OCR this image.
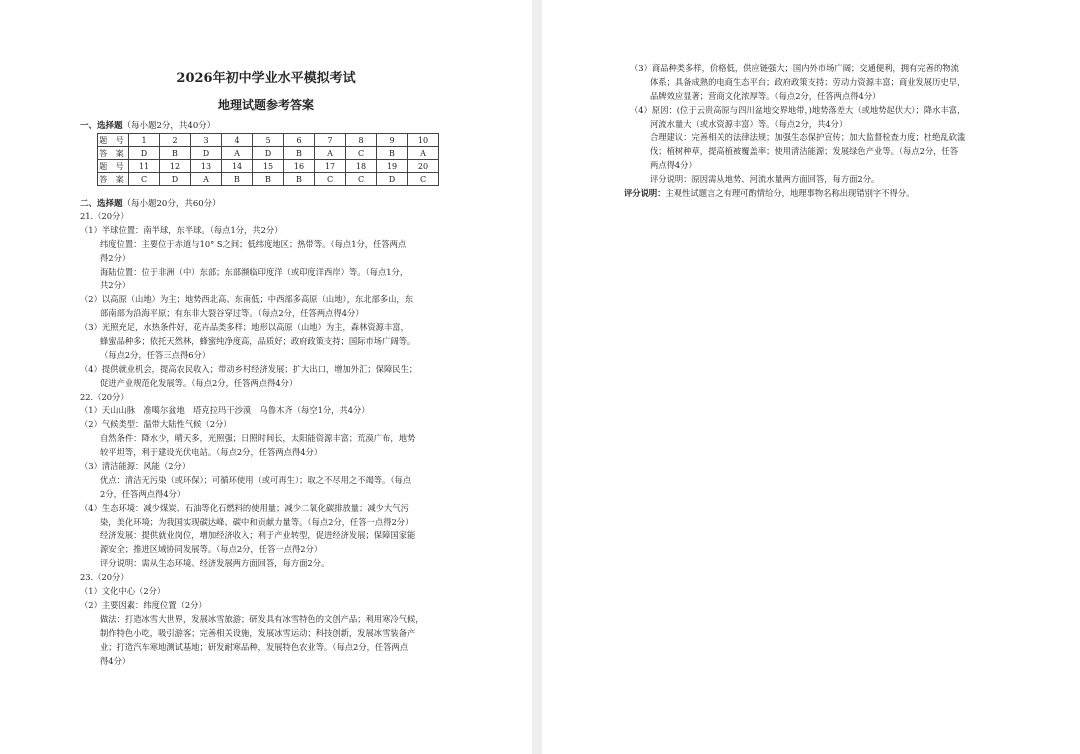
2026年初中学业水平模拟考试
地理试题参考答案
一、选择题（每小题2分，共40分）
题 号	1	2	3	4	5	6	7	8	9	10
答 案	D	B	D	A	D	B	A	C	B	A
题 号	11	12	13	14	15	16	17	18	19	20
答 案	C	D	A	B	B	B	C	C	D	C
二、选择题（每小题20分，共60分）
21.（20分）
（1）半球位置：南半球，东半球。（每点1分，共2分）
纬度位置：主要位于赤道与10° S之间；低纬度地区；热带等。（每点1分，任答两点
得2分）
海陆位置：位于非洲（中）东部；东部濒临印度洋（或印度洋西岸）等。（每点1分，
共2分）
（2）以高原（山地）为主；地势西北高、东南低；中西部多高原（山地），东北部多山，东
部南部为沿海平原；有东非大裂谷穿过等。（每点2分，任答两点得4分）
（3）光照充足，水热条件好，花卉品类多样；地形以高原（山地）为主，森林资源丰富，
蜂蜜品种多；依托天然林，蜂蜜纯净度高，品质好；政府政策支持；国际市场广阔等。
（每点2分，任答三点得6分）
（4）提供就业机会，提高农民收入；带动乡村经济发展；扩大出口，增加外汇；保障民生；
促进产业规范化发展等。（每点2分，任答两点得4分）
22.（20分）
（1）天山山脉　准噶尔盆地　塔克拉玛干沙漠　乌鲁木齐（每空1分，共4分）
（2）气候类型：温带大陆性气候（2分）
自然条件：降水少，晴天多，光照强；日照时间长，太阳能资源丰富；荒漠广布，地势
较平坦等，利于建设光伏电站。（每点2分，任答两点得4分）
（3）清洁能源：风能（2分）
优点：清洁无污染（或环保）；可循环使用（或可再生）；取之不尽用之不竭等。（每点
2分，任答两点得4分）
（4）生态环境：减少煤炭、石油等化石燃料的使用量；减少二氧化碳排放量；减少大气污
染，美化环境；为我国实现碳达峰、碳中和贡献力量等。（每点2分，任答一点得2分）
经济发展：提供就业岗位，增加经济收入；利于产业转型，促进经济发展；保障国家能
源安全；推进区域协同发展等。（每点2分，任答一点得2分）
评分说明：需从生态环境、经济发展两方面回答，每方面2分。
23.（20分）
（1）文化中心（2分）
（2）主要因素：纬度位置（2分）
做法：打造冰雪大世界，发展冰雪旅游；研发具有冰雪特色的文创产品；利用寒冷气候，
制作特色小吃，吸引游客；完善相关设施，发展冰雪运动；科技创新，发展冰雪装备产
业；打造汽车寒地测试基地；研发耐寒品种，发展特色农业等。（每点2分，任答两点
得4分）
（3）商品种类多样，价格低，供应链强大；国内外市场广阔；交通便利，拥有完善的物流
体系；具备成熟的电商生态平台；政府政策支持；劳动力资源丰富；商业发展历史早，
品牌效应显著；营商文化浓厚等。（每点2分，任答两点得4分）
（4）原因：(位于云贵高原与四川盆地交界地带，)地势落差大（或地势起伏大）；降水丰富，
河流水量大（或水资源丰富）等。（每点2分，共4分）
合理建议：完善相关的法律法规；加强生态保护宣传；加大监督检查力度；杜绝乱砍滥
伐；植树种草，提高植被覆盖率；使用清洁能源；发展绿色产业等。（每点2分，任答
两点得4分）
评分说明：原因需从地势、河流水量两方面回答，每方面2分。
评分说明：主观性试题言之有理可酌情给分，地理事物名称出现错别字不得分。
